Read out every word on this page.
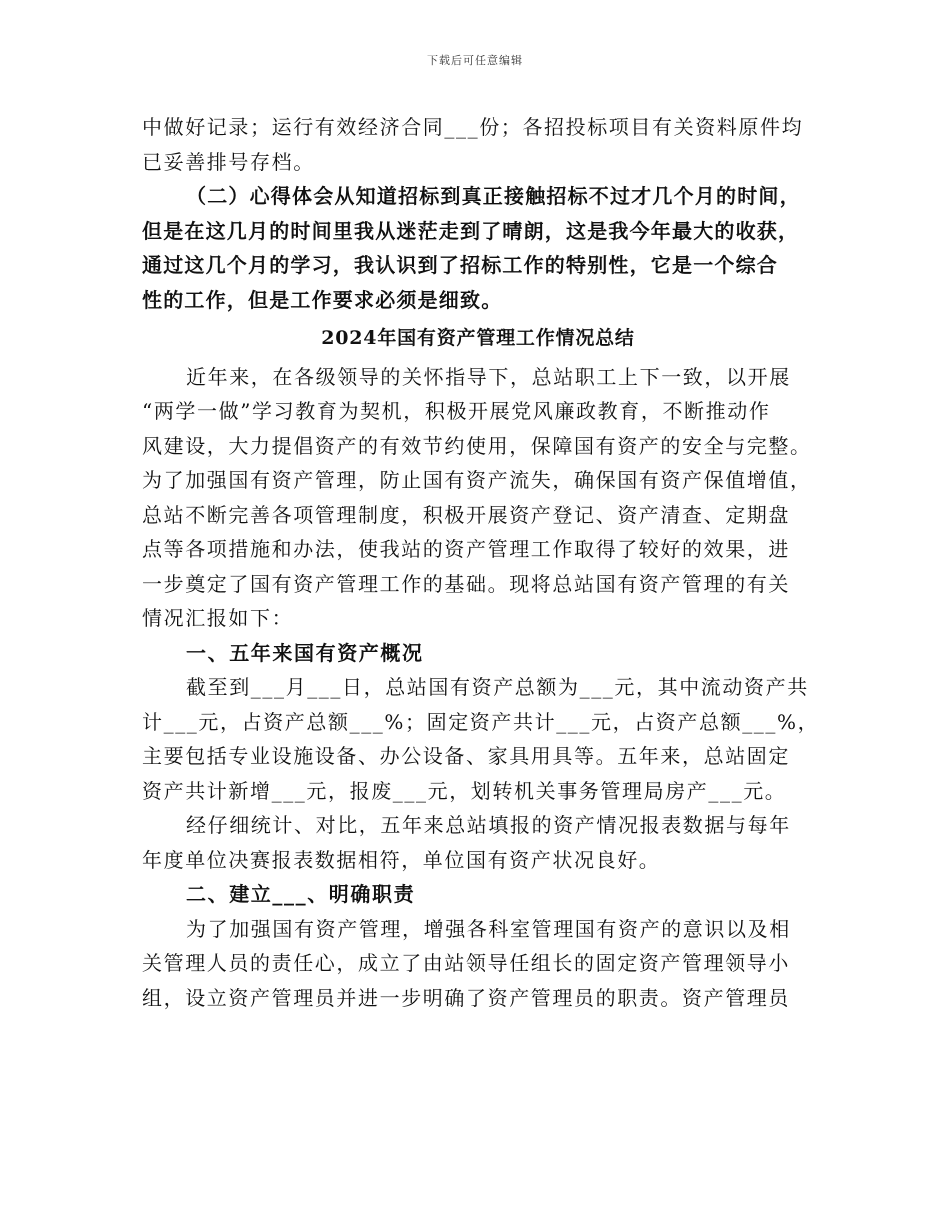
下载后可任意编辑

中做好记录；运行有效经济合同___份；各招投标项目有关资料原件均

已妥善排号存档。

（二）心得体会从知道招标到真正接触招标不过才几个月的时间，

但是在这几月的时间里我从迷茫走到了晴朗，这是我今年最大的收获，

通过这几个月的学习，我认识到了招标工作的特别性，它是一个综合

性的工作，但是工作要求必须是细致。

2024年国有资产管理工作情况总结

近年来，在各级领导的关怀指导下，总站职工上下一致，以开展

“两学一做”学习教育为契机，积极开展党风廉政教育，不断推动作

风建设，大力提倡资产的有效节约使用，保障国有资产的安全与完整。

为了加强国有资产管理，防止国有资产流失，确保国有资产保值增值，

总站不断完善各项管理制度，积极开展资产登记、资产清查、定期盘

点等各项措施和办法，使我站的资产管理工作取得了较好的效果，进

一步奠定了国有资产管理工作的基础。现将总站国有资产管理的有关

情况汇报如下：

一、五年来国有资产概况

截至到___月___日，总站国有资产总额为___元，其中流动资产共

计___元，占资产总额___%；固定资产共计___元，占资产总额___%，

主要包括专业设施设备、办公设备、家具用具等。五年来，总站固定

资产共计新增___元，报废___元，划转机关事务管理局房产___元。

经仔细统计、对比，五年来总站填报的资产情况报表数据与每年

年度单位决赛报表数据相符，单位国有资产状况良好。

二、建立___、明确职责

为了加强国有资产管理，增强各科室管理国有资产的意识以及相

关管理人员的责任心，成立了由站领导任组长的固定资产管理领导小

组，设立资产管理员并进一步明确了资产管理员的职责。资产管理员
